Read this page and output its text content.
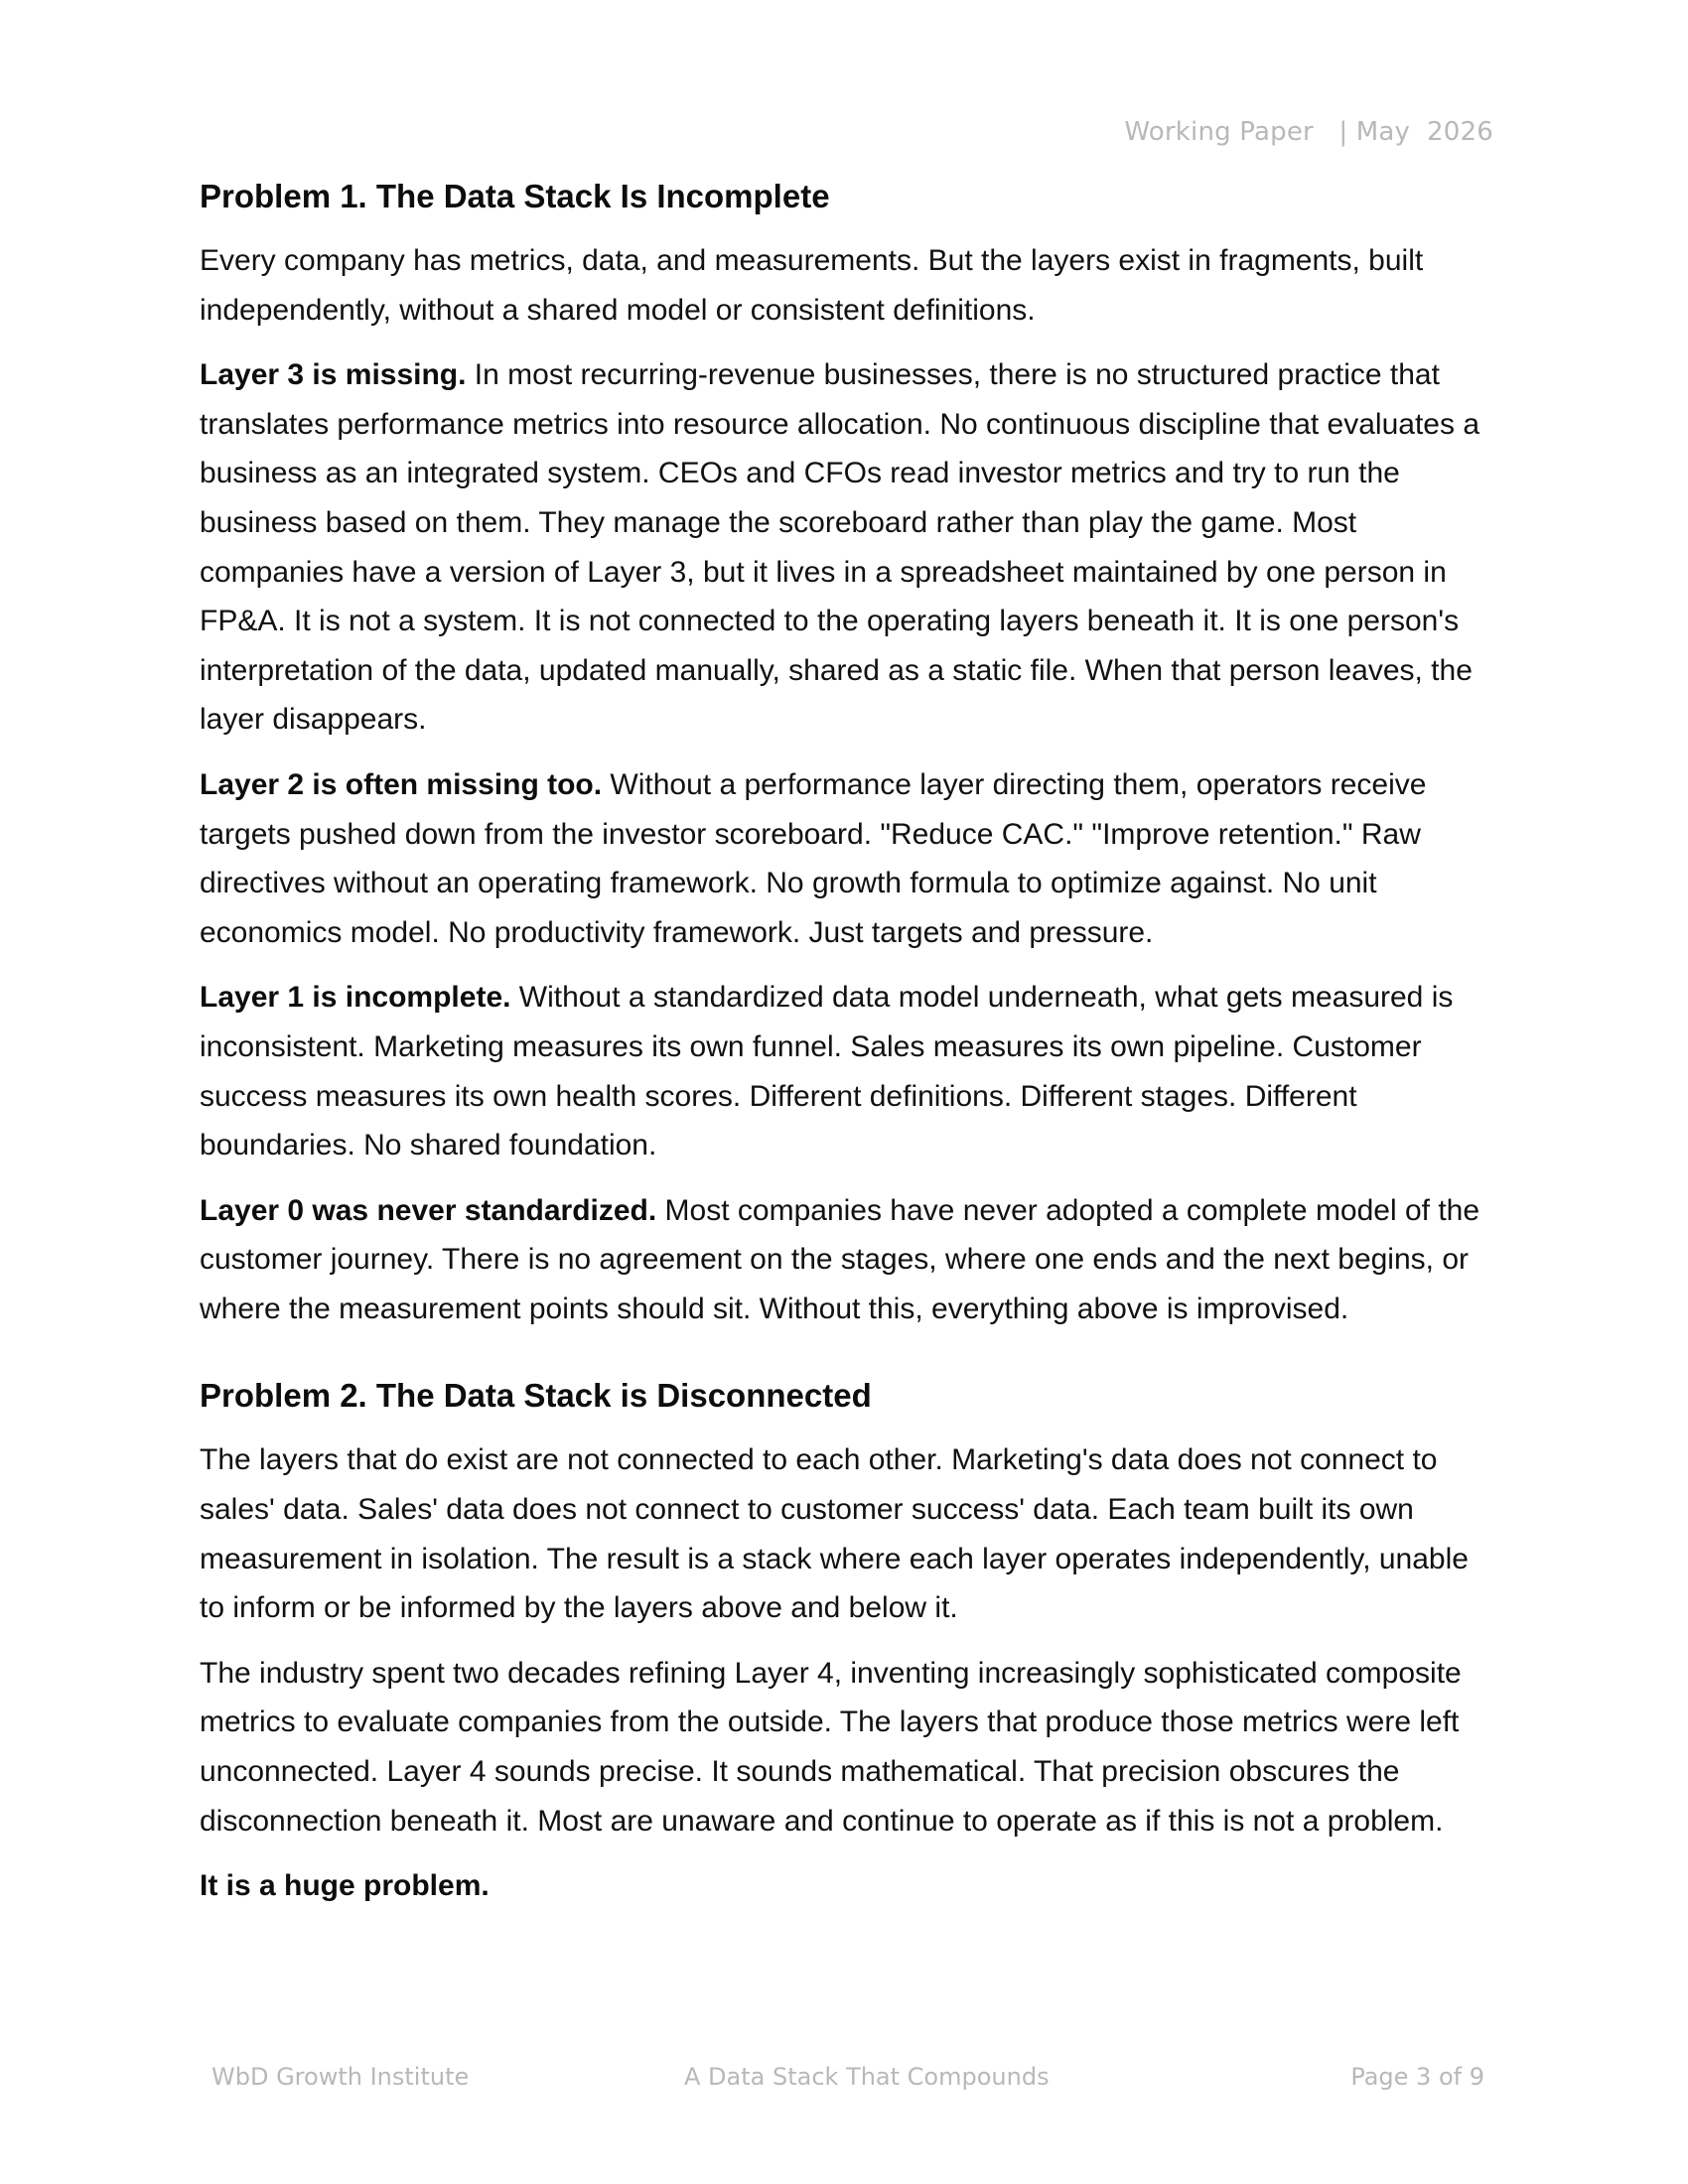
Working Paper   | May  2026
Problem 1. The Data Stack Is Incomplete

Every company has metrics, data, and measurements. But the layers exist in fragments, built independently, without a shared model or consistent definitions.

Layer 3 is missing. In most recurring-revenue businesses, there is no structured practice that translates performance metrics into resource allocation. No continuous discipline that evaluates a business as an integrated system. CEOs and CFOs read investor metrics and try to run the business based on them. They manage the scoreboard rather than play the game. Most companies have a version of Layer 3, but it lives in a spreadsheet maintained by one person in FP&A. It is not a system. It is not connected to the operating layers beneath it. It is one person's interpretation of the data, updated manually, shared as a static file. When that person leaves, the layer disappears.

Layer 2 is often missing too. Without a performance layer directing them, operators receive targets pushed down from the investor scoreboard. "Reduce CAC." "Improve retention." Raw directives without an operating framework. No growth formula to optimize against. No unit economics model. No productivity framework. Just targets and pressure.

Layer 1 is incomplete. Without a standardized data model underneath, what gets measured is inconsistent. Marketing measures its own funnel. Sales measures its own pipeline. Customer success measures its own health scores. Different definitions. Different stages. Different boundaries. No shared foundation.

Layer 0 was never standardized. Most companies have never adopted a complete model of the customer journey. There is no agreement on the stages, where one ends and the next begins, or where the measurement points should sit. Without this, everything above is improvised.

Problem 2. The Data Stack is Disconnected

The layers that do exist are not connected to each other. Marketing's data does not connect to sales' data. Sales' data does not connect to customer success' data. Each team built its own measurement in isolation. The result is a stack where each layer operates independently, unable to inform or be informed by the layers above and below it.

The industry spent two decades refining Layer 4, inventing increasingly sophisticated composite metrics to evaluate companies from the outside. The layers that produce those metrics were left unconnected. Layer 4 sounds precise. It sounds mathematical. That precision obscures the disconnection beneath it. Most are unaware and continue to operate as if this is not a problem.

It is a huge problem.

WbD Growth Institute	A Data Stack That Compounds	Page 3 of 9
